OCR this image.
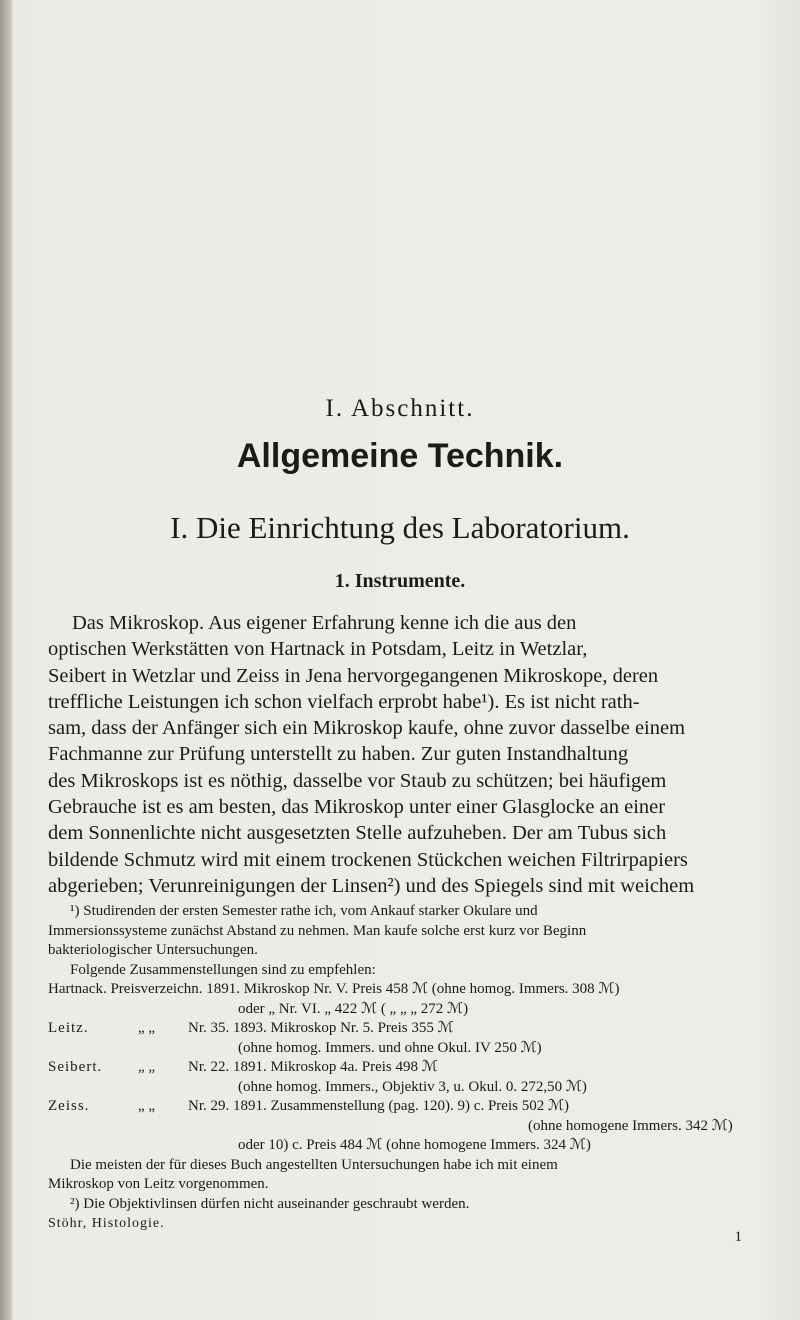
I. Abschnitt.
Allgemeine Technik.
I. Die Einrichtung des Laboratorium.
1. Instrumente.
Das Mikroskop. Aus eigener Erfahrung kenne ich die aus den
optischen Werkstätten von Hartnack in Potsdam, Leitz in Wetzlar,
Seibert in Wetzlar und Zeiss in Jena hervorgegangenen Mikroskope, deren
treffliche Leistungen ich schon vielfach erprobt habe¹). Es ist nicht rath-
sam, dass der Anfänger sich ein Mikroskop kaufe, ohne zuvor dasselbe einem
Fachmanne zur Prüfung unterstellt zu haben. Zur guten Instandhaltung
des Mikroskops ist es nöthig, dasselbe vor Staub zu schützen; bei häufigem
Gebrauche ist es am besten, das Mikroskop unter einer Glasglocke an einer
dem Sonnenlichte nicht ausgesetzten Stelle aufzuheben. Der am Tubus sich
bildende Schmutz wird mit einem trockenen Stückchen weichen Filtrirpapiers
abgerieben; Verunreinigungen der Linsen²) und des Spiegels sind mit weichem
¹) Studirenden der ersten Semester rathe ich, vom Ankauf starker Okulare und
Immersionssysteme zunächst Abstand zu nehmen. Man kaufe solche erst kurz vor Beginn
bakteriologischer Untersuchungen.
Folgende Zusammenstellungen sind zu empfehlen:
Hartnack. Preisverzeichn. 1891. Mikroskop Nr. V. Preis 458 ℳ (ohne homog. Immers. 308 ℳ)
oder „ Nr. VI. „ 422 ℳ ( „ „ „ 272 ℳ)
Leitz.	„ „ Nr. 35. 1893. Mikroskop Nr. 5. Preis 355 ℳ
(ohne homog. Immers. und ohne Okul. IV 250 ℳ)
Seibert. „ „ Nr. 22. 1891. Mikroskop 4a. Preis 498 ℳ
(ohne homog. Immers., Objektiv 3, u. Okul. 0. 272,50 ℳ)
Zeiss.	„ „ Nr. 29. 1891. Zusammenstellung (pag. 120). 9) c. Preis 502 ℳ)
(ohne homogene Immers. 342 ℳ)
oder 10) c. Preis 484 ℳ (ohne homogene Immers. 324 ℳ)
Die meisten der für dieses Buch angestellten Untersuchungen habe ich mit einem
Mikroskop von Leitz vorgenommen.
²) Die Objektivlinsen dürfen nicht auseinander geschraubt werden.
Stöhr, Histologie.
1
